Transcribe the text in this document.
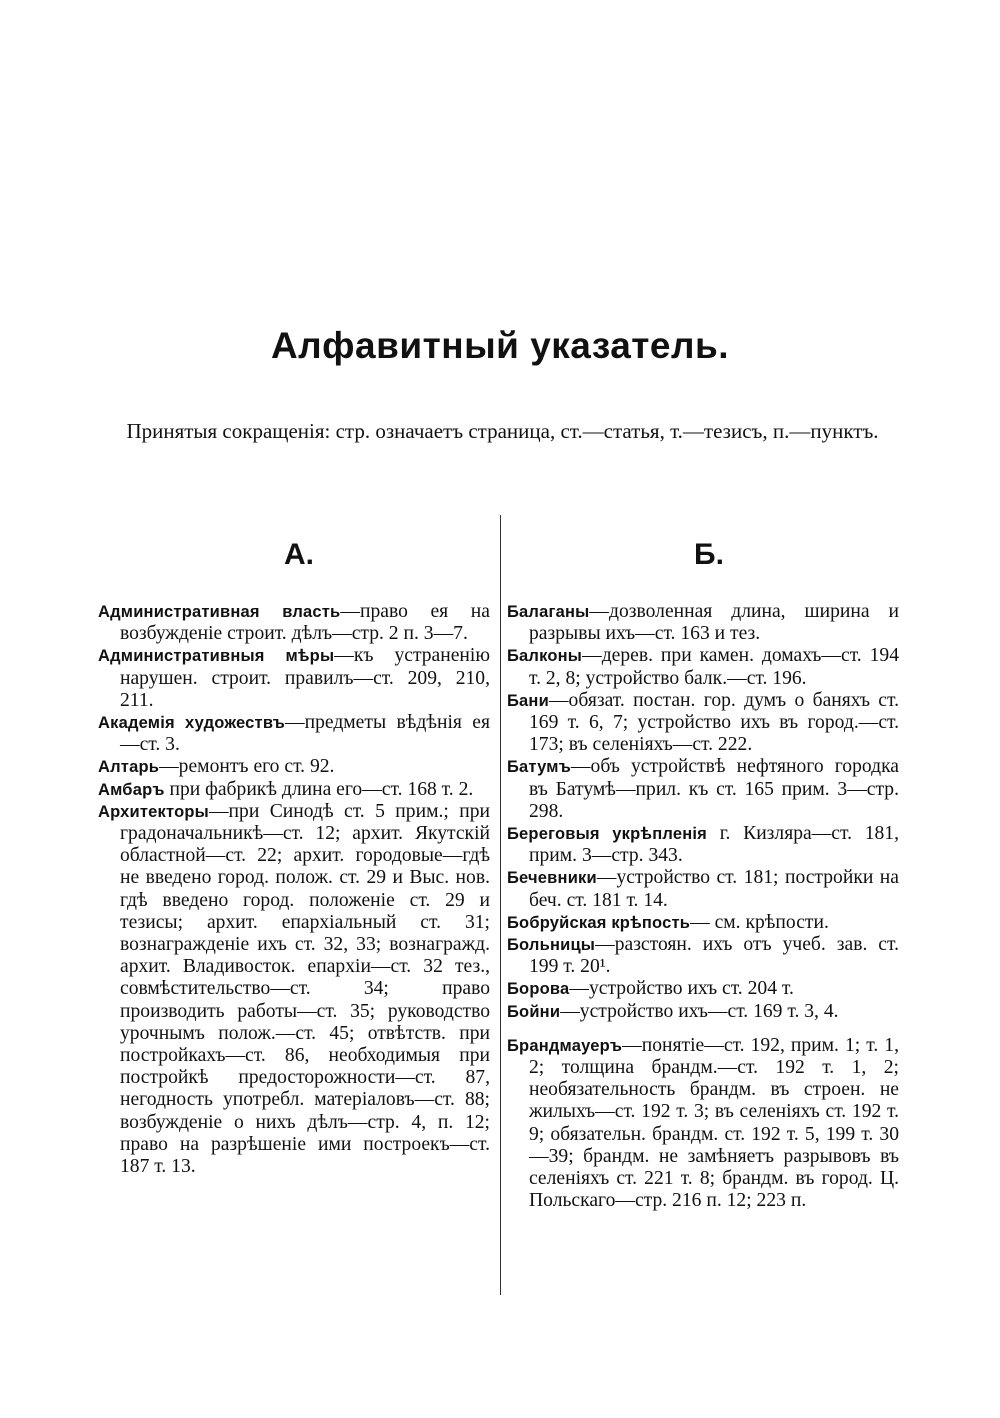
Алфавитный указатель.
Принятыя сокращенія: стр. означаетъ страница, ст.—статья, т.—тезисъ, п.—пунктъ.
А.	Б.
Административная власть—право ея на возбужденіе строит. дѣлъ—стр. 2 п. 3—7.
Административныя мѣры—къ устраненію нарушен. строит. правилъ—ст. 209, 210, 211.
Академія художествъ—предметы вѣдѣнія ея—ст. 3.
Алтарь—ремонтъ его ст. 92.
Амбаръ при фабрикѣ длина его—ст. 168 т. 2.
Архитекторы—при Синодѣ ст. 5 прим.; при градоначальникѣ—ст. 12; архит. Якутскій областной—ст. 22; архит. городовые—гдѣ не введено город. полож. ст. 29 и Выс. нов. гдѣ введено город. положеніе ст. 29 и тезисы; архит. епархіальный ст. 31; вознагражденіе ихъ ст. 32, 33; вознагражд. архит. Владивосток. епархіи—ст. 32 тез., совмѣстительство—ст. 34; право производить работы—ст. 35; руководство урочнымъ полож.—ст. 45; отвѣтств. при постройкахъ—ст. 86, необходимыя при постройкѣ предосторожности—ст. 87, негодность употребл. матеріаловъ—ст. 88; возбужденіе о нихъ дѣлъ—стр. 4, п. 12; право на разрѣшеніе ими построекъ—ст. 187 т. 13.
Балаганы—дозволенная длина, ширина и разрывы ихъ—ст. 163 и тез.
Балконы—дерев. при камен. домахъ—ст. 194 т. 2, 8; устройство балк.—ст. 196.
Бани—обязат. постан. гор. думъ о баняхъ ст. 169 т. 6, 7; устройство ихъ въ город.—ст. 173; въ селеніяхъ—ст. 222.
Батумъ—объ устройствѣ нефтяного городка въ Батумѣ—прил. къ ст. 165 прим. 3—стр. 298.
Береговыя укрѣпленія г. Кизляра—ст. 181, прим. 3—стр. 343.
Бечевники—устройство ст. 181; постройки на беч. ст. 181 т. 14.
Бобруйская крѣпость— см. крѣпости.
Больницы—разстоян. ихъ отъ учеб. зав. ст. 199 т. 20¹.
Борова—устройство ихъ ст. 204 т.
Бойни—устройство ихъ—ст. 169 т. 3, 4.
Брандмауеръ—понятіе—ст. 192, прим. 1; т. 1, 2; толщина брандм.—ст. 192 т. 1, 2; необязательность брандм. въ строен. не жилыхъ—ст. 192 т. 3; въ селеніяхъ ст. 192 т. 9; обязательн. брандм. ст. 192 т. 5, 199 т. 30—39; брандм. не замѣняетъ разрывовъ въ селеніяхъ ст. 221 т. 8; брандм. въ город. Ц. Польскаго—стр. 216 п. 12; 223 п.
